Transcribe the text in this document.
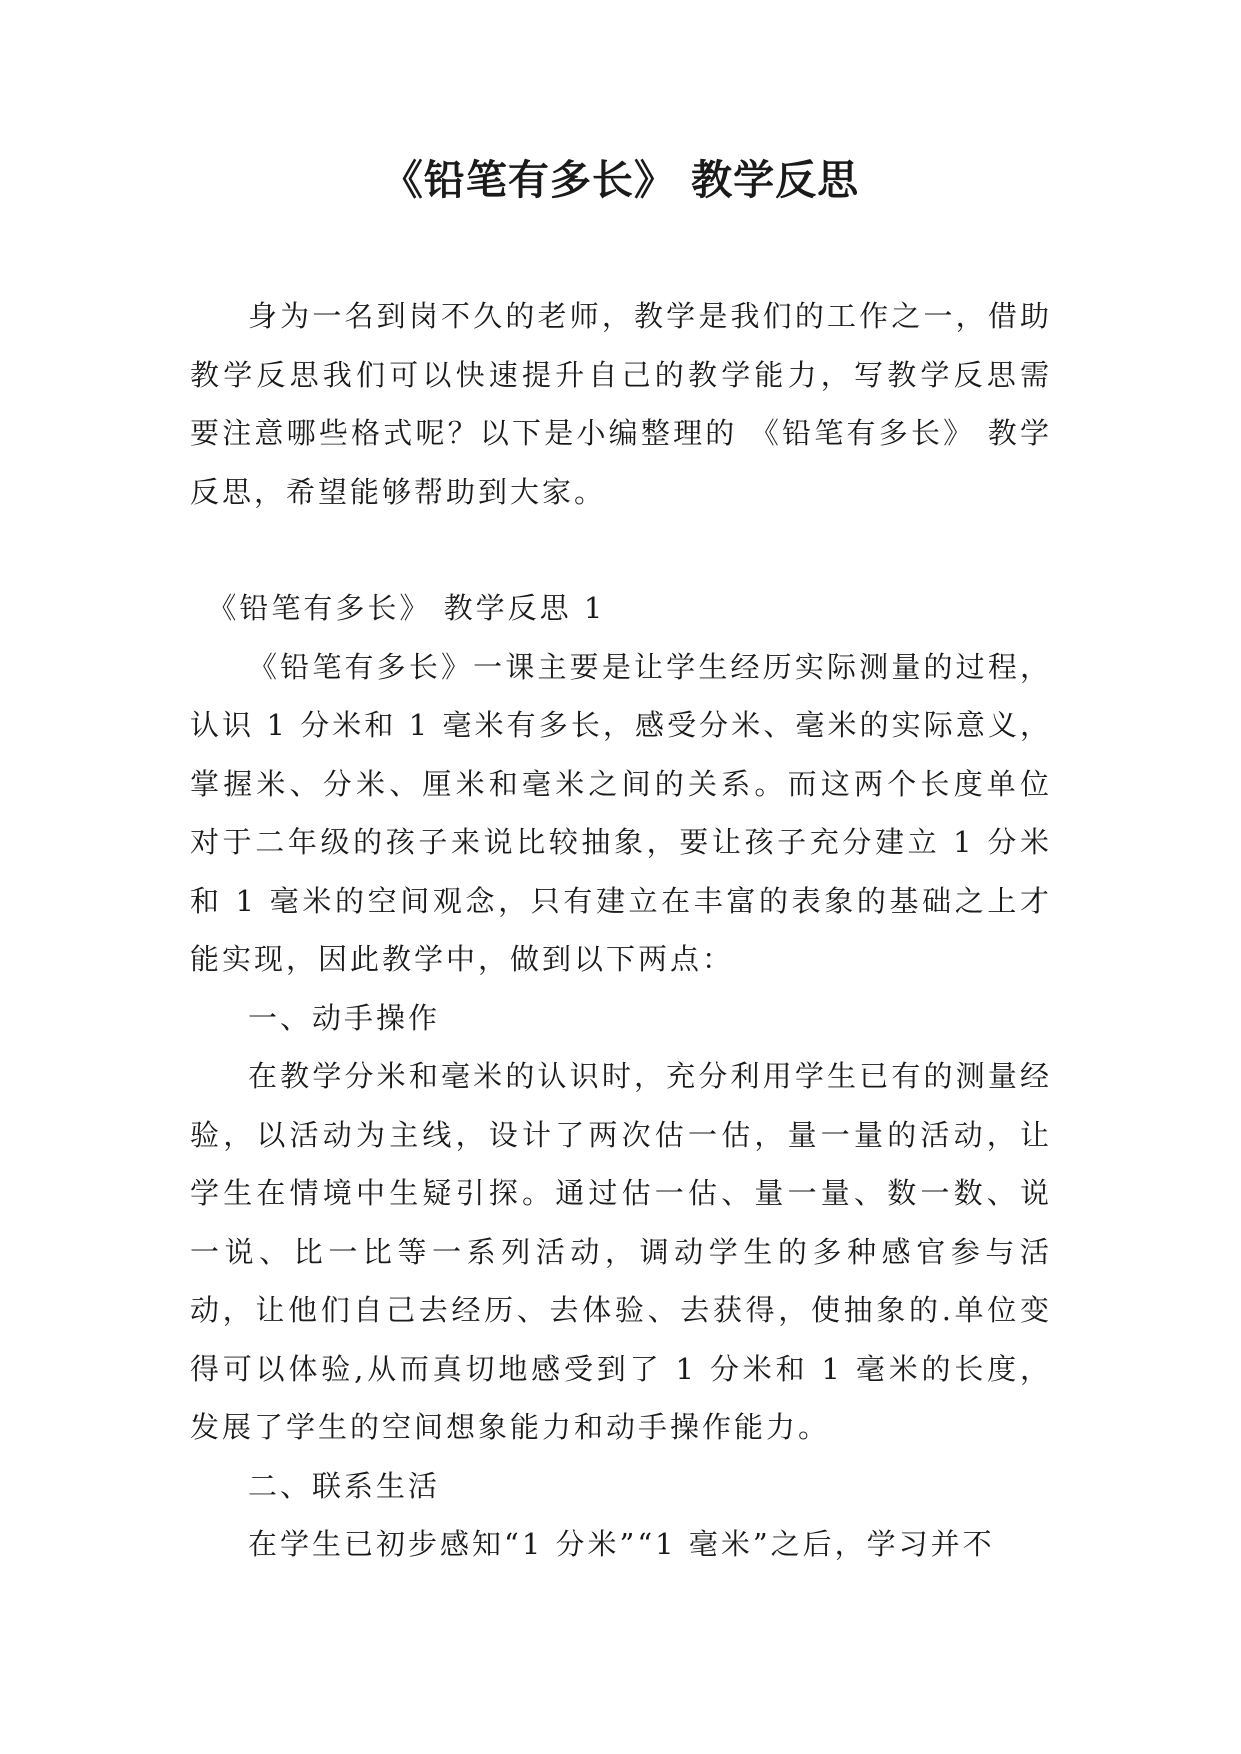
《铅笔有多长》 教学反思

身为一名到岗不久的老师，教学是我们的工作之一，借助教学反思我们可以快速提升自己的教学能力，写教学反思需要注意哪些格式呢？以下是小编整理的 《铅笔有多长》 教学反思，希望能够帮助到大家。

《铅笔有多长》 教学反思 1

《铅笔有多长》一课主要是让学生经历实际测量的过程，认识 1 分米和 1 毫米有多长，感受分米、毫米的实际意义，掌握米、分米、厘米和毫米之间的关系。而这两个长度单位对于二年级的孩子来说比较抽象，要让孩子充分建立 1 分米和 1 毫米的空间观念，只有建立在丰富的表象的基础之上才能实现，因此教学中，做到以下两点：

一、动手操作

在教学分米和毫米的认识时，充分利用学生已有的测量经验，以活动为主线，设计了两次估一估，量一量的活动，让学生在情境中生疑引探。通过估一估、量一量、数一数、说一说、比一比等一系列活动，调动学生的多种感官参与活动，让他们自己去经历、去体验、去获得，使抽象的.单位变得可以体验,从而真切地感受到了 1 分米和 1 毫米的长度，发展了学生的空间想象能力和动手操作能力。

二、联系生活

在学生已初步感知“1 分米”“1 毫米”之后，学习并不
